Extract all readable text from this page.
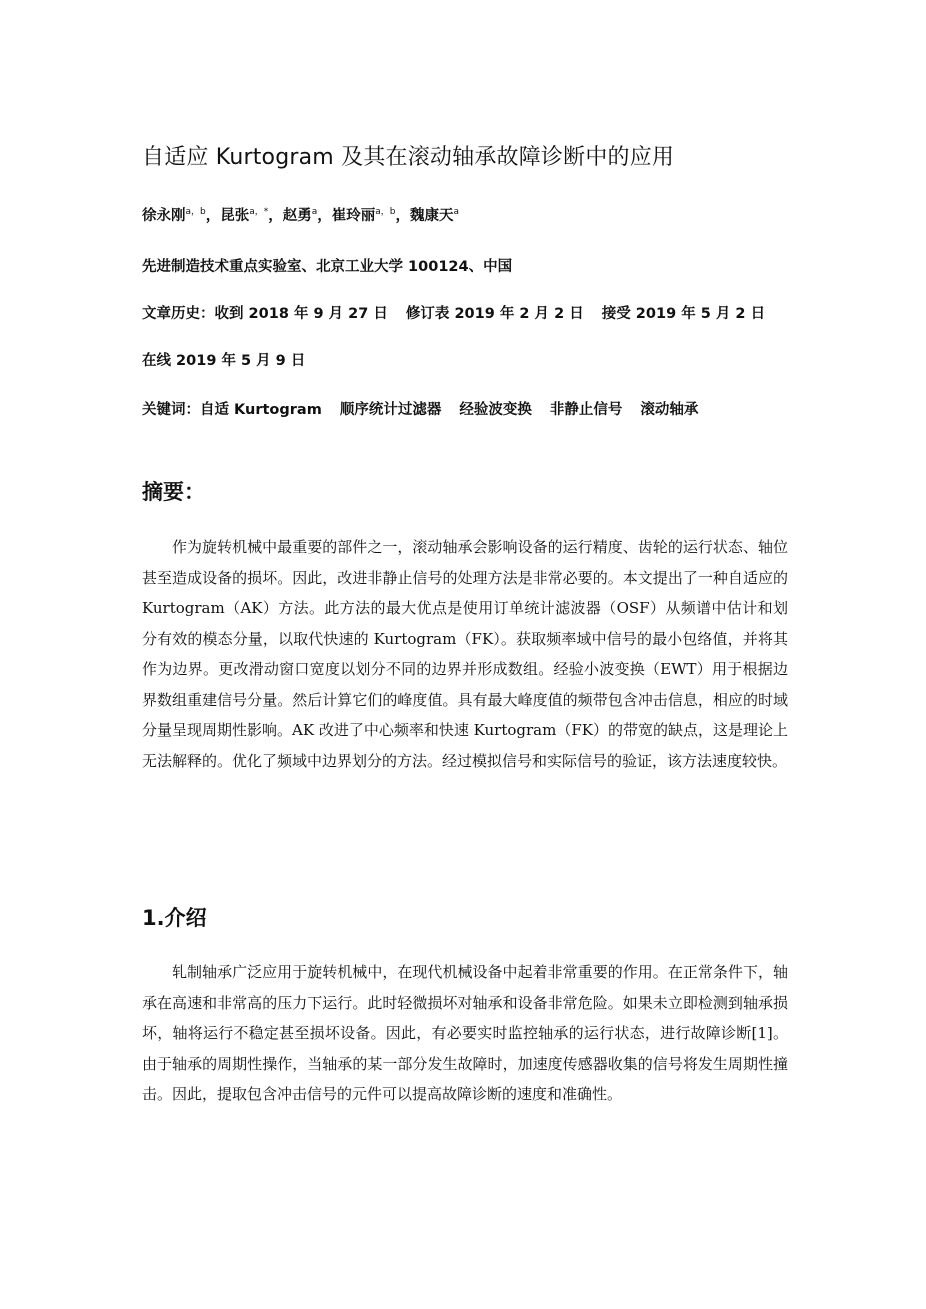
自适应 Kurtogram 及其在滚动轴承故障诊断中的应用

徐永刚$^{a,b}$ ， 昆张$^{a,*}$ ， 赵勇$^a$ ， 崔玲丽$^{a,b}$ ， 魏康天$^a$

先进制造技术重点实验室、北京工业大学 100124、中国

文章历史：收到 2018 年 9 月 27 日 修订表 2019 年 2 月 2 日 接受 2019 年 5 月 2 日

在线 2019 年 5 月 9 日

关键词：自适 Kurtogram 顺序统计过滤器 经验波变换 非静止信号 滚动轴承

摘要：

作为旋转机械中最重要的部件之一，滚动轴承会影响设备的运行精度、齿轮的运行状态、轴位甚至造成设备的损坏。因此，改进非静止信号的处理方法是非常必要的。本文提出了一种自适应的 Kurtogram（AK）方法。此方法的最大优点是使用订单统计滤波器（OSF）从频谱中估计和划分有效的模态分量，以取代快速的 Kurtogram（FK）。获取频率域中信号的最小包络值，并将其作为边界。更改滑动窗口宽度以划分不同的边界并形成数组。经验小波变换（EWT）用于根据边界数组重建信号分量。然后计算它们的峰度值。具有最大峰度值的频带包含冲击信息，相应的时域分量呈现周期性影响。AK 改进了中心频率和快速 Kurtogram（FK）的带宽的缺点，这是理论上无法解释的。优化了频域中边界划分的方法。经过模拟信号和实际信号的验证，该方法速度较快。

1.介绍

轧制轴承广泛应用于旋转机械中，在现代机械设备中起着非常重要的作用。在正常条件下，轴承在高速和非常高的压力下运行。此时轻微损坏对轴承和设备非常危险。如果未立即检测到轴承损坏，轴将运行不稳定甚至损坏设备。因此，有必要实时监控轴承的运行状态，进行故障诊断[1]。由于轴承的周期性操作，当轴承的某一部分发生故障时，加速度传感器收集的信号将发生周期性撞击。因此，提取包含冲击信号的元件可以提高故障诊断的速度和准确性。
